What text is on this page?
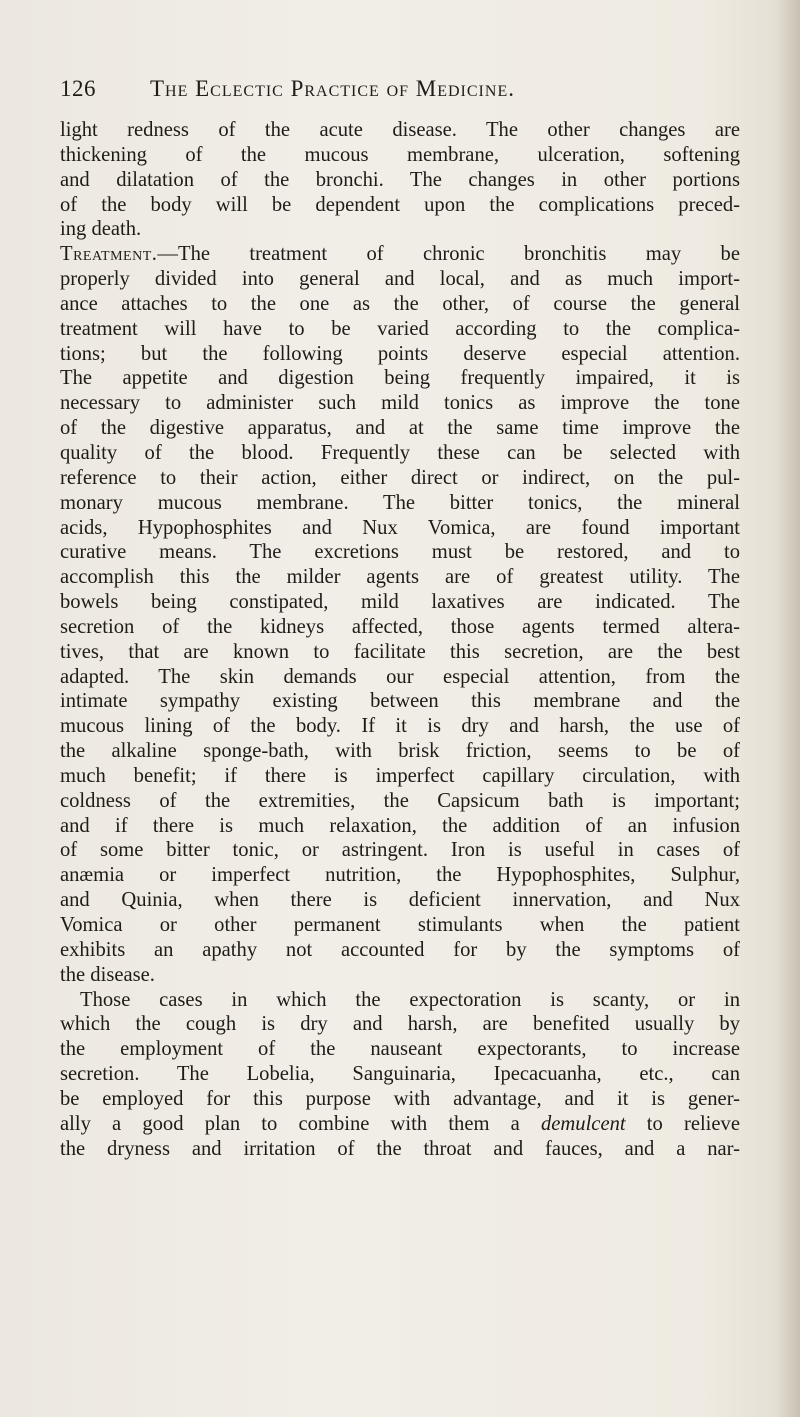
126 The Eclectic Practice of Medicine.
light redness of the acute disease. The other changes are
thickening of the mucous membrane, ulceration, softening
and dilatation of the bronchi. The changes in other portions
of the body will be dependent upon the complications preced-
ing death.
Treatment.—The treatment of chronic bronchitis may be
properly divided into general and local, and as much import-
ance attaches to the one as the other, of course the general
treatment will have to be varied according to the complica-
tions; but the following points deserve especial attention.
The appetite and digestion being frequently impaired, it is
necessary to administer such mild tonics as improve the tone
of the digestive apparatus, and at the same time improve the
quality of the blood. Frequently these can be selected with
reference to their action, either direct or indirect, on the pul-
monary mucous membrane. The bitter tonics, the mineral
acids, Hypophosphites and Nux Vomica, are found important
curative means. The excretions must be restored, and to
accomplish this the milder agents are of greatest utility. The
bowels being constipated, mild laxatives are indicated. The
secretion of the kidneys affected, those agents termed altera-
tives, that are known to facilitate this secretion, are the best
adapted. The skin demands our especial attention, from the
intimate sympathy existing between this membrane and the
mucous lining of the body. If it is dry and harsh, the use of
the alkaline sponge-bath, with brisk friction, seems to be of
much benefit; if there is imperfect capillary circulation, with
coldness of the extremities, the Capsicum bath is important;
and if there is much relaxation, the addition of an infusion
of some bitter tonic, or astringent. Iron is useful in cases of
anæmia or imperfect nutrition, the Hypophosphites, Sulphur,
and Quinia, when there is deficient innervation, and Nux
Vomica or other permanent stimulants when the patient
exhibits an apathy not accounted for by the symptoms of
the disease.
Those cases in which the expectoration is scanty, or in
which the cough is dry and harsh, are benefited usually by
the employment of the nauseant expectorants, to increase
secretion. The Lobelia, Sanguinaria, Ipecacuanha, etc., can
be employed for this purpose with advantage, and it is gener-
ally a good plan to combine with them a demulcent to relieve
the dryness and irritation of the throat and fauces, and a nar-
